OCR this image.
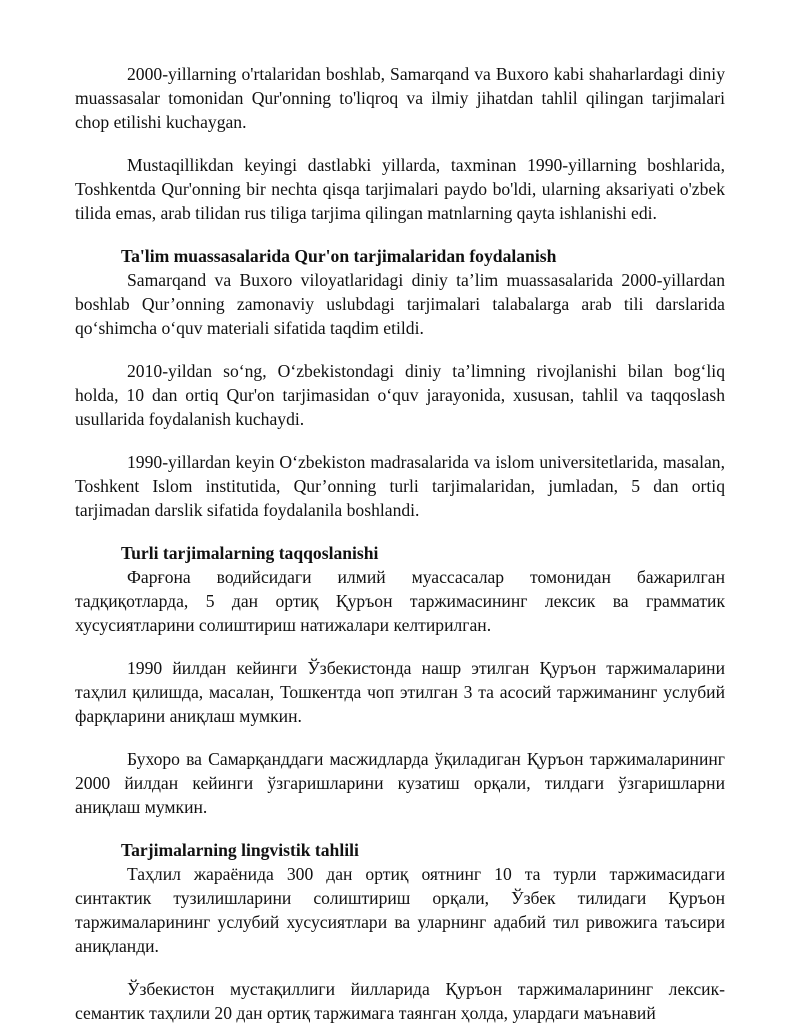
2000-yillarning o'rtalaridan boshlab, Samarqand va Buxoro kabi shaharlardagi diniy muassasalar tomonidan Qur'onning to'liqroq va ilmiy jihatdan tahlil qilingan tarjimalari chop etilishi kuchaygan.

Mustaqillikdan keyingi dastlabki yillarda, taxminan 1990-yillarning boshlarida, Toshkentda Qur'onning bir nechta qisqa tarjimalari paydo bo'ldi, ularning aksariyati o'zbek tilida emas, arab tilidan rus tiliga tarjima qilingan matnlarning qayta ishlanishi edi.

Ta'lim muassasalarida Qur'on tarjimalaridan foydalanish

Samarqand va Buxoro viloyatlaridagi diniy ta’lim muassasalarida 2000-yillardan boshlab Qur’onning zamonaviy uslubdagi tarjimalari talabalarga arab tili darslarida qo‘shimcha o‘quv materiali sifatida taqdim etildi.

2010-yildan so‘ng, O‘zbekistondagi diniy ta’limning rivojlanishi bilan bog‘liq holda, 10 dan ortiq Qur'on tarjimasidan o‘quv jarayonida, xususan, tahlil va taqqoslash usullarida foydalanish kuchaydi.

1990-yillardan keyin O‘zbekiston madrasalarida va islom universitetlarida, masalan, Toshkent Islom institutida, Qur’onning turli tarjimalaridan, jumladan, 5 dan ortiq tarjimadan darslik sifatida foydalanila boshlandi.

Turli tarjimalarning taqqoslanishi

Фарғона водийсидаги илмий муассасалар томонидан бажарилган тадқиқотларда, 5 дан ортиқ Қуръон таржимасининг лексик ва грамматик хусусиятларини солиштириш натижалари келтирилган.

1990 йилдан кейинги Ўзбекистонда нашр этилган Қуръон таржималарини таҳлил қилишда, масалан, Тошкентда чоп этилган 3 та асосий таржиманинг услубий фарқларини аниқлаш мумкин.

Бухоро ва Самарқанддаги масжидларда ўқиладиган Қуръон таржималарининг 2000 йилдан кейинги ўзгаришларини кузатиш орқали, тилдаги ўзгаришларни аниқлаш мумкин.

Tarjimalarning lingvistik tahlili

Таҳлил жараёнида 300 дан ортиқ оятнинг 10 та турли таржимасидаги синтактик тузилишларини солиштириш орқали, Ўзбек тилидаги Қуръон таржималарининг услубий хусусиятлари ва уларнинг адабий тил ривожига таъсири аниқланди.

Ўзбекистон мустақиллиги йилларида Қуръон таржималарининг лексик-семантик таҳлили 20 дан ортиқ таржимага таянган ҳолда, улардаги маънавий
